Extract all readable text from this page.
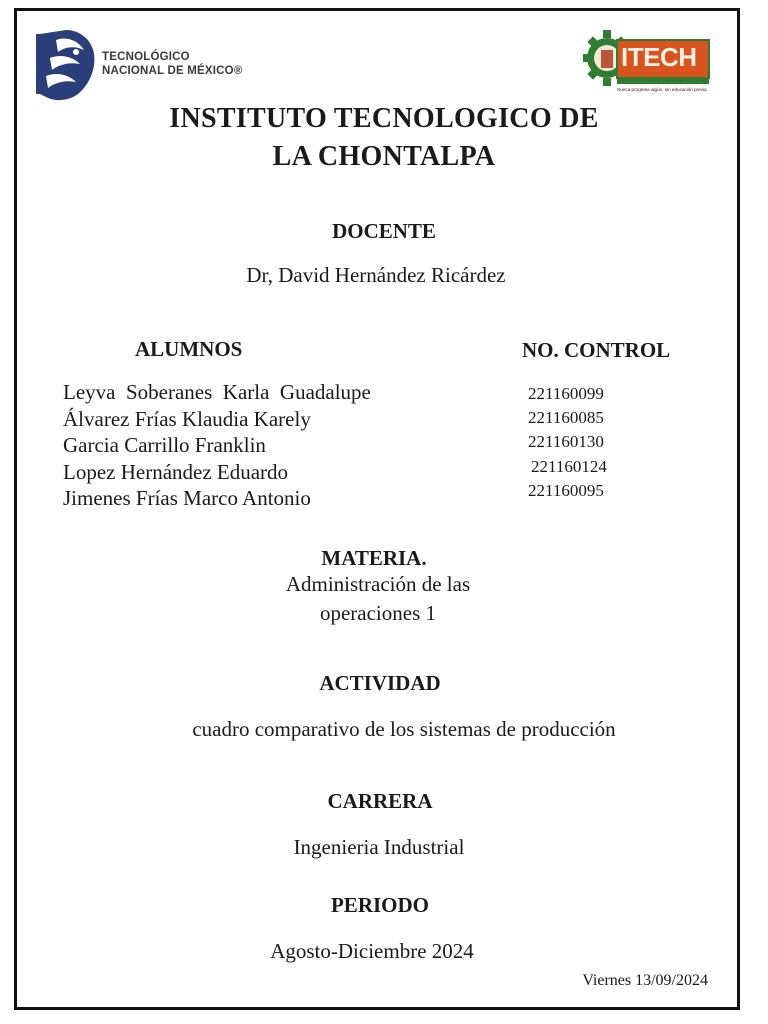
TECNOLÓGICO
NACIONAL DE MÉXICO®	ITECH
Nunca progresa algún, sin educación previa
INSTITUTO TECNOLOGICO DE
LA CHONTALPA
DOCENTE
Dr, David Hernández Ricárdez
ALUMNOS	NO. CONTROL
Leyva  Soberanes  Karla  Guadalupe
Álvarez Frías Klaudia Karely
Garcia Carrillo Franklin
Lopez Hernández Eduardo
Jimenes Frías Marco Antonio
221160099
221160085
221160130
221160124
221160095
MATERIA.
Administración de las
operaciones 1
ACTIVIDAD
cuadro comparativo de los sistemas de producción
CARRERA
Ingenieria Industrial
PERIODO
Agosto-Diciembre 2024
Viernes 13/09/2024
